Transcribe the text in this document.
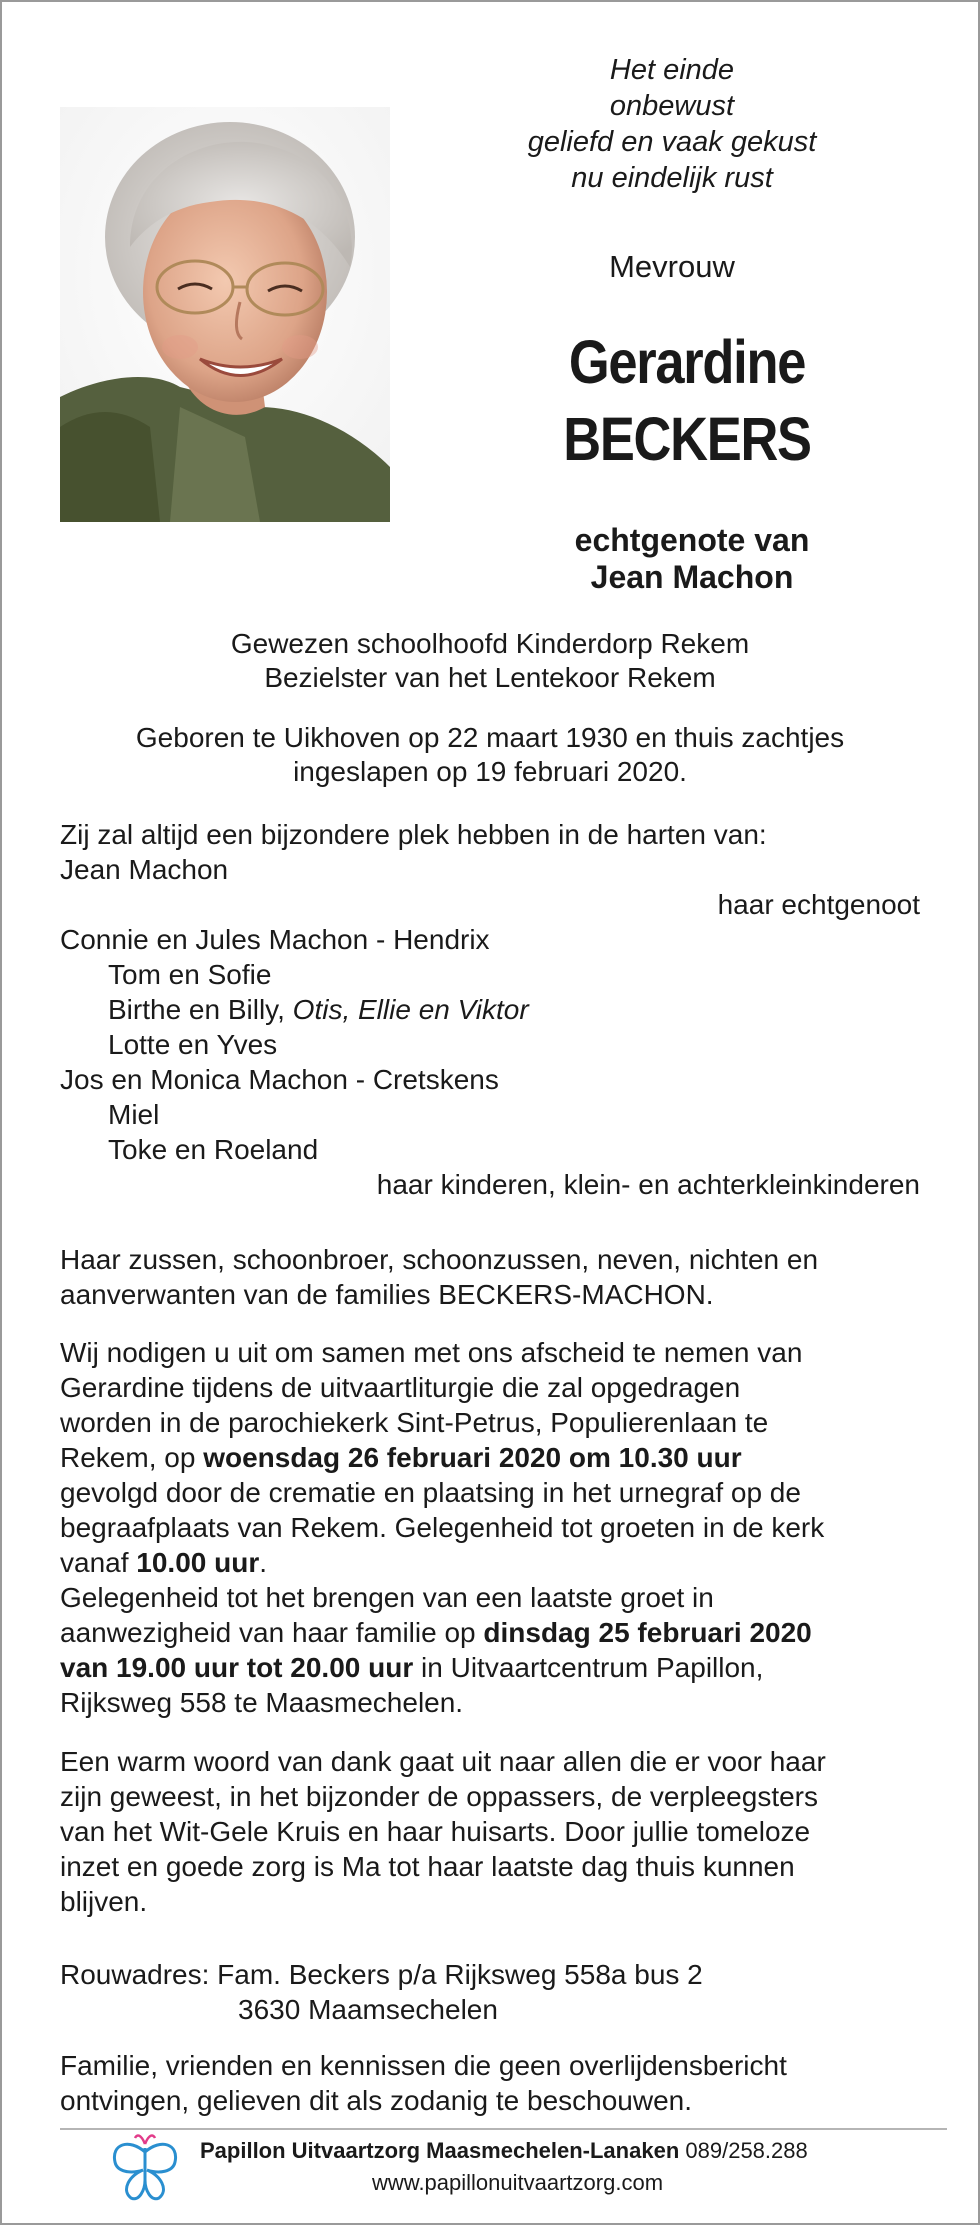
Het einde
onbewust
geliefd en vaak gekust
nu eindelijk rust
Mevrouw
Gerardine
BECKERS
echtgenote van
Jean Machon
Gewezen schoolhoofd Kinderdorp Rekem
Bezielster van het Lentekoor Rekem
Geboren te Uikhoven op 22 maart 1930 en thuis zachtjes
ingeslapen op 19 februari 2020.
Zij zal altijd een bijzondere plek hebben in de harten van:
Jean Machon
haar echtgenoot
Connie en Jules Machon - Hendrix
Tom en Sofie
Birthe en Billy, Otis, Ellie en Viktor
Lotte en Yves
Jos en Monica Machon - Cretskens
Miel
Toke en Roeland
haar kinderen, klein- en achterkleinkinderen
Haar zussen, schoonbroer, schoonzussen, neven, nichten en
aanverwanten van de families BECKERS-MACHON.
Wij nodigen u uit om samen met ons afscheid te nemen van
Gerardine tijdens de uitvaartliturgie die zal opgedragen
worden in de parochiekerk Sint-Petrus, Populierenlaan te
Rekem, op woensdag 26 februari 2020 om 10.30 uur
gevolgd door de crematie en plaatsing in het urnegraf op de
begraafplaats van Rekem. Gelegenheid tot groeten in de kerk
vanaf 10.00 uur.
Gelegenheid tot het brengen van een laatste groet in
aanwezigheid van haar familie op dinsdag 25 februari 2020
van 19.00 uur tot 20.00 uur in Uitvaartcentrum Papillon,
Rijksweg 558 te Maasmechelen.
Een warm woord van dank gaat uit naar allen die er voor haar
zijn geweest, in het bijzonder de oppassers, de verpleegsters
van het Wit-Gele Kruis en haar huisarts. Door jullie tomeloze
inzet en goede zorg is Ma tot haar laatste dag thuis kunnen
blijven.
Rouwadres: Fam. Beckers p/a Rijksweg 558a bus 2
3630 Maamsechelen
Familie, vrienden en kennissen die geen overlijdensbericht
ontvingen, gelieven dit als zodanig te beschouwen.
Papillon Uitvaartzorg Maasmechelen-Lanaken 089/258.288
www.papillonuitvaartzorg.com
